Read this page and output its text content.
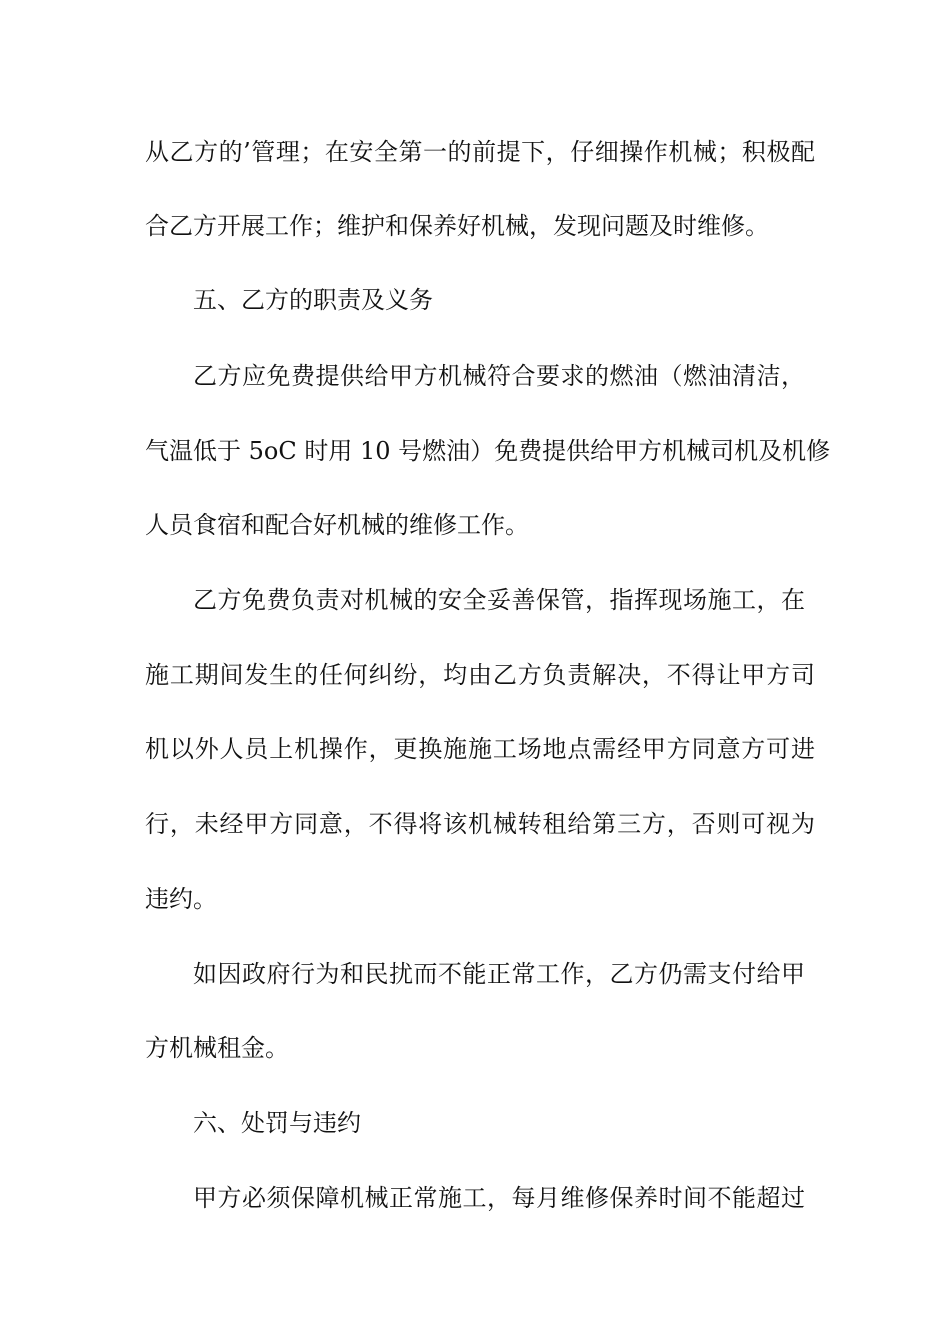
从乙方的’管理；在安全第一的前提下，仔细操作机械；积极配
合乙方开展工作；维护和保养好机械，发现问题及时维修。
五、乙方的职责及义务
乙方应免费提供给甲方机械符合要求的燃油（燃油清洁，
气温低于 5oC 时用 10 号燃油）免费提供给甲方机械司机及机修
人员食宿和配合好机械的维修工作。
乙方免费负责对机械的安全妥善保管，指挥现场施工，在
施工期间发生的任何纠纷，均由乙方负责解决，不得让甲方司
机以外人员上机操作，更换施施工场地点需经甲方同意方可进
行，未经甲方同意，不得将该机械转租给第三方，否则可视为
违约。
如因政府行为和民扰而不能正常工作，乙方仍需支付给甲
方机械租金。
六、处罚与违约
甲方必须保障机械正常施工，每月维修保养时间不能超过
